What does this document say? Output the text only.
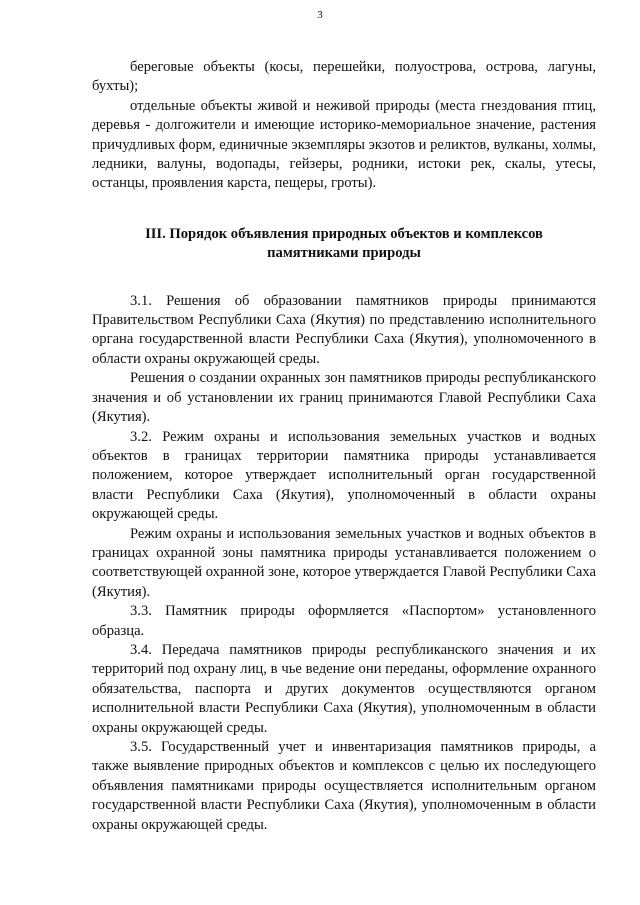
3

береговые объекты (косы, перешейки, полуострова, острова, лагуны, бухты);

отдельные объекты живой и неживой природы (места гнездования птиц, деревья - долгожители и имеющие историко-мемориальное значение, растения причудливых форм, единичные экземпляры экзотов и реликтов, вулканы, холмы, ледники, валуны, водопады, гейзеры, родники, истоки рек, скалы, утесы, останцы, проявления карста, пещеры, гроты).

III. Порядок объявления природных объектов и комплексов
памятниками природы

3.1. Решения об образовании памятников природы принимаются Правительством Республики Саха (Якутия) по представлению исполнительного органа государственной власти Республики Саха (Якутия), уполномоченного в области охраны окружающей среды.

Решения о создании охранных зон памятников природы республиканского значения и об установлении их границ принимаются Главой Республики Саха (Якутия).

3.2. Режим охраны и использования земельных участков и водных объектов в границах территории памятника природы устанавливается положением, которое утверждает исполнительный орган государственной власти Республики Саха (Якутия), уполномоченный в области охраны окружающей среды.

Режим охраны и использования земельных участков и водных объектов в границах охранной зоны памятника природы устанавливается положением о соответствующей охранной зоне, которое утверждается Главой Республики Саха (Якутия).

3.3. Памятник природы оформляется «Паспортом» установленного образца.

3.4. Передача памятников природы республиканского значения и их территорий под охрану лиц, в чье ведение они переданы, оформление охранного обязательства, паспорта и других документов осуществляются органом исполнительной власти Республики Саха (Якутия), уполномоченным в области охраны окружающей среды.

3.5. Государственный учет и инвентаризация памятников природы, а также выявление природных объектов и комплексов с целью их последующего объявления памятниками природы осуществляется исполнительным органом государственной власти Республики Саха (Якутия), уполномоченным в области охраны окружающей среды.
